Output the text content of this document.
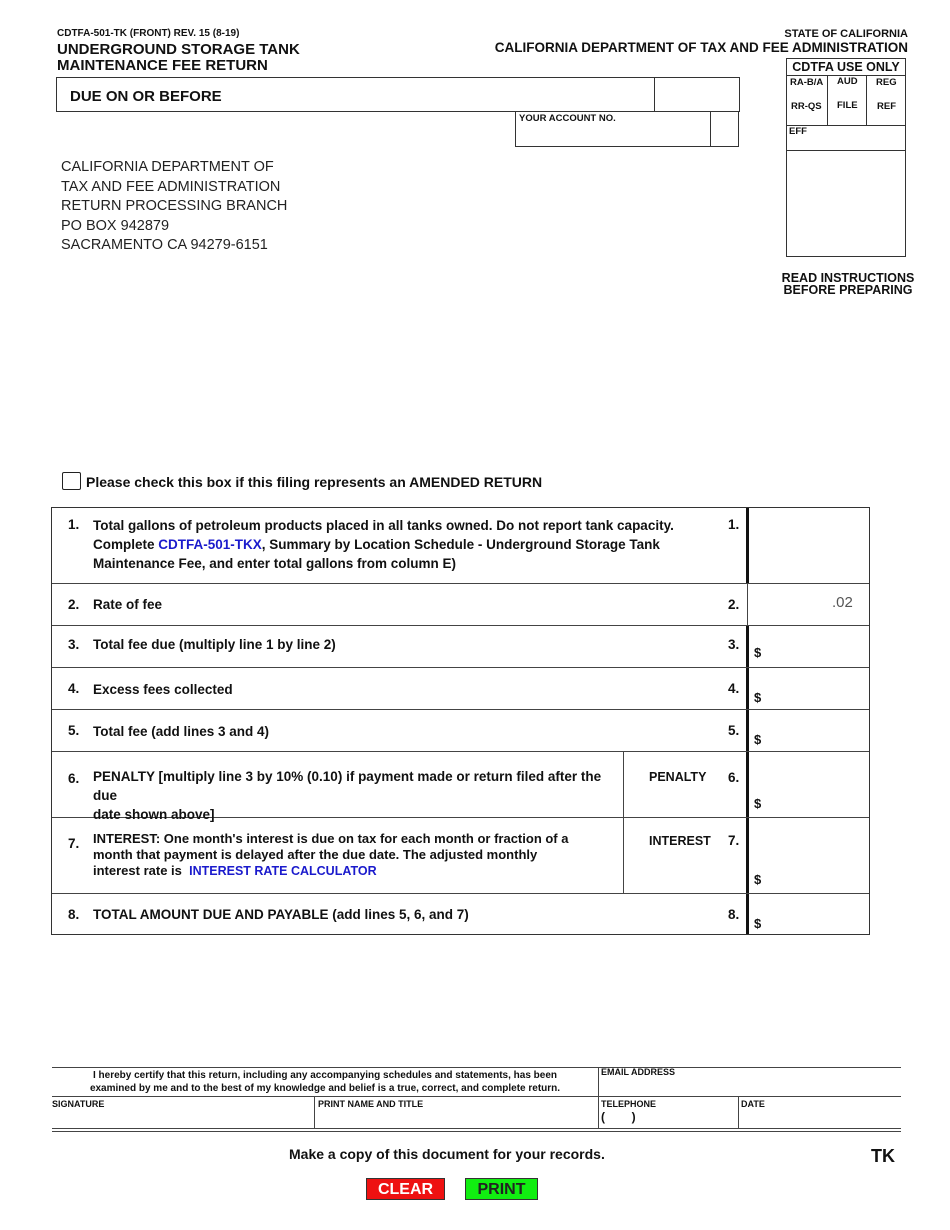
CDTFA-501-TK (FRONT) REV. 15 (8-19)
UNDERGROUND STORAGE TANK
MAINTENANCE FEE RETURN
STATE OF CALIFORNIA
CALIFORNIA DEPARTMENT OF TAX AND FEE ADMINISTRATION
DUE ON OR BEFORE
YOUR ACCOUNT NO.
CDTFA USE ONLY
RA-B/A AUD REG
RR-QS FILE REF
EFF
CALIFORNIA DEPARTMENT OF
TAX AND FEE ADMINISTRATION
RETURN PROCESSING BRANCH
PO BOX 942879
SACRAMENTO CA 94279-6151
READ INSTRUCTIONS
BEFORE PREPARING
Please check this box if this filing represents an AMENDED RETURN
1. Total gallons of petroleum products placed in all tanks owned. Do not report tank capacity.
Complete CDTFA-501-TKX, Summary by Location Schedule - Underground Storage Tank
Maintenance Fee, and enter total gallons from column E)
1.
2. Rate of fee	2.	.02
3. Total fee due (multiply line 1 by line 2)	3.
$
4. Excess fees collected	4.
$
5. Total fee (add lines 3 and 4)	5.
$
6. PENALTY [multiply line 3 by 10% (0.10) if payment made or return filed after the due
date shown above]
PENALTY 6.
$
7. INTEREST: One month's interest is due on tax for each month or fraction of a
month that payment is delayed after the due date. The adjusted monthly
interest rate is INTEREST RATE CALCULATOR
INTEREST 7.
$
8. TOTAL AMOUNT DUE AND PAYABLE (add lines 5, 6, and 7)	8.
$
I hereby certify that this return, including any accompanying schedules and statements, has been
examined by me and to the best of my knowledge and belief is a true, correct, and complete return.
EMAIL ADDRESS
SIGNATURE	PRINT NAME AND TITLE	TELEPHONE
(        )
DATE
Make a copy of this document for your records.	TK
CLEAR	PRINT
